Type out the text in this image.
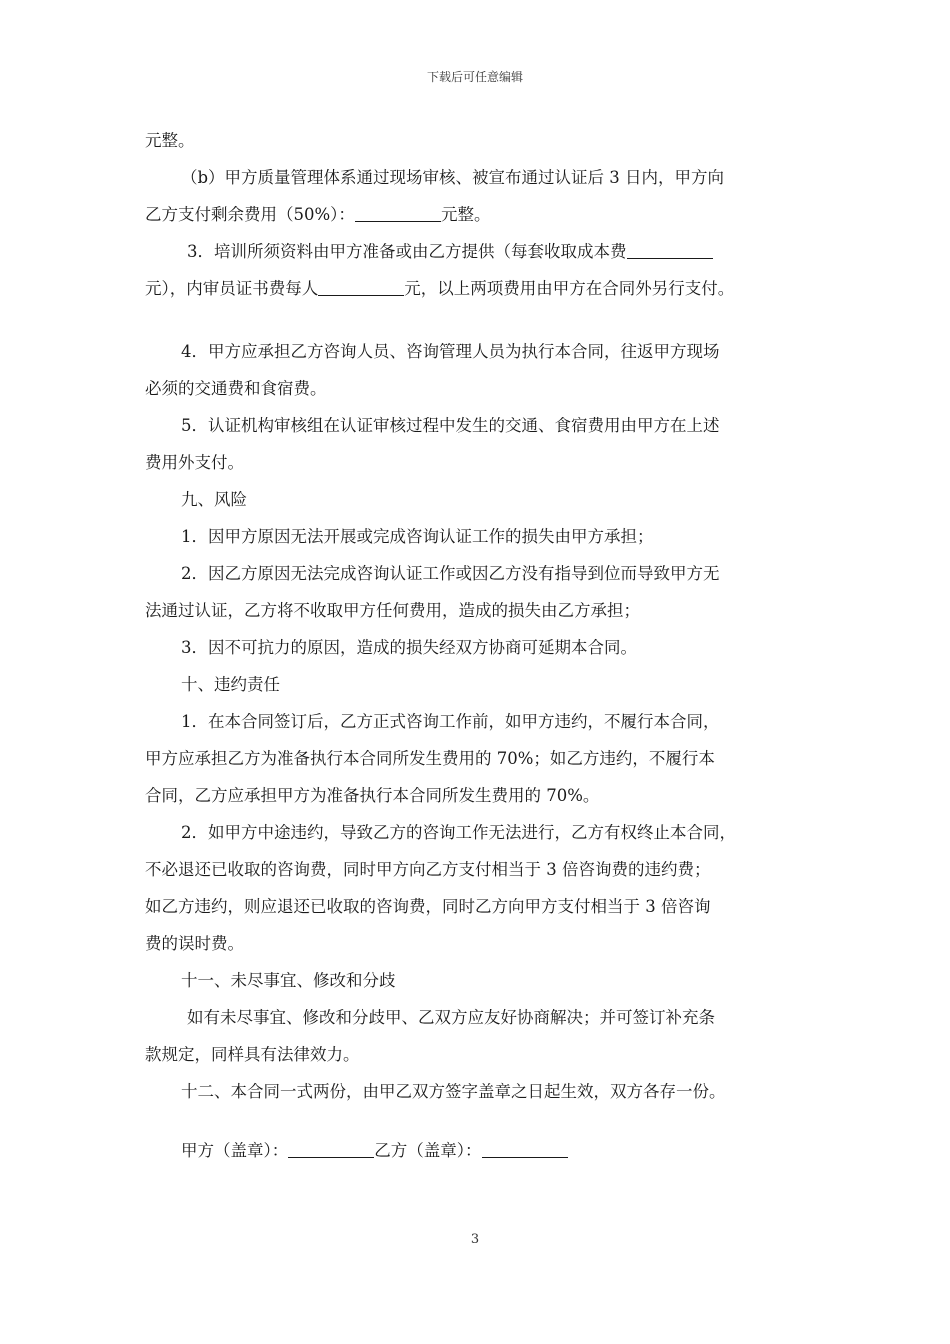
下载后可任意编辑
元整。
（b）甲方质量管理体系通过现场审核、被宣布通过认证后 3 日内，甲方向
乙方支付剩余费用（50%）：	元整。
3．培训所须资料由甲方准备或由乙方提供（每套收取成本费
元），内审员证书费每人	元，以上两项费用由甲方在合同外另行支付。
4．甲方应承担乙方咨询人员、咨询管理人员为执行本合同，往返甲方现场
必须的交通费和食宿费。
5．认证机构审核组在认证审核过程中发生的交通、食宿费用由甲方在上述
费用外支付。
九、风险
1．因甲方原因无法开展或完成咨询认证工作的损失由甲方承担；
2．因乙方原因无法完成咨询认证工作或因乙方没有指导到位而导致甲方无
法通过认证，乙方将不收取甲方任何费用，造成的损失由乙方承担；
3．因不可抗力的原因，造成的损失经双方协商可延期本合同。
十、违约责任
1．在本合同签订后，乙方正式咨询工作前，如甲方违约，不履行本合同，
甲方应承担乙方为准备执行本合同所发生费用的 70%；如乙方违约，不履行本
合同，乙方应承担甲方为准备执行本合同所发生费用的 70%。
2．如甲方中途违约，导致乙方的咨询工作无法进行，乙方有权终止本合同，
不必退还已收取的咨询费，同时甲方向乙方支付相当于 3 倍咨询费的违约费；
如乙方违约，则应退还已收取的咨询费，同时乙方向甲方支付相当于 3 倍咨询
费的误时费。
十一、未尽事宜、修改和分歧
如有未尽事宜、修改和分歧甲、乙双方应友好协商解决；并可签订补充条
款规定，同样具有法律效力。
十二、本合同一式两份，由甲乙双方签字盖章之日起生效，双方各存一份。
甲方（盖章）：	乙方（盖章）：
3
